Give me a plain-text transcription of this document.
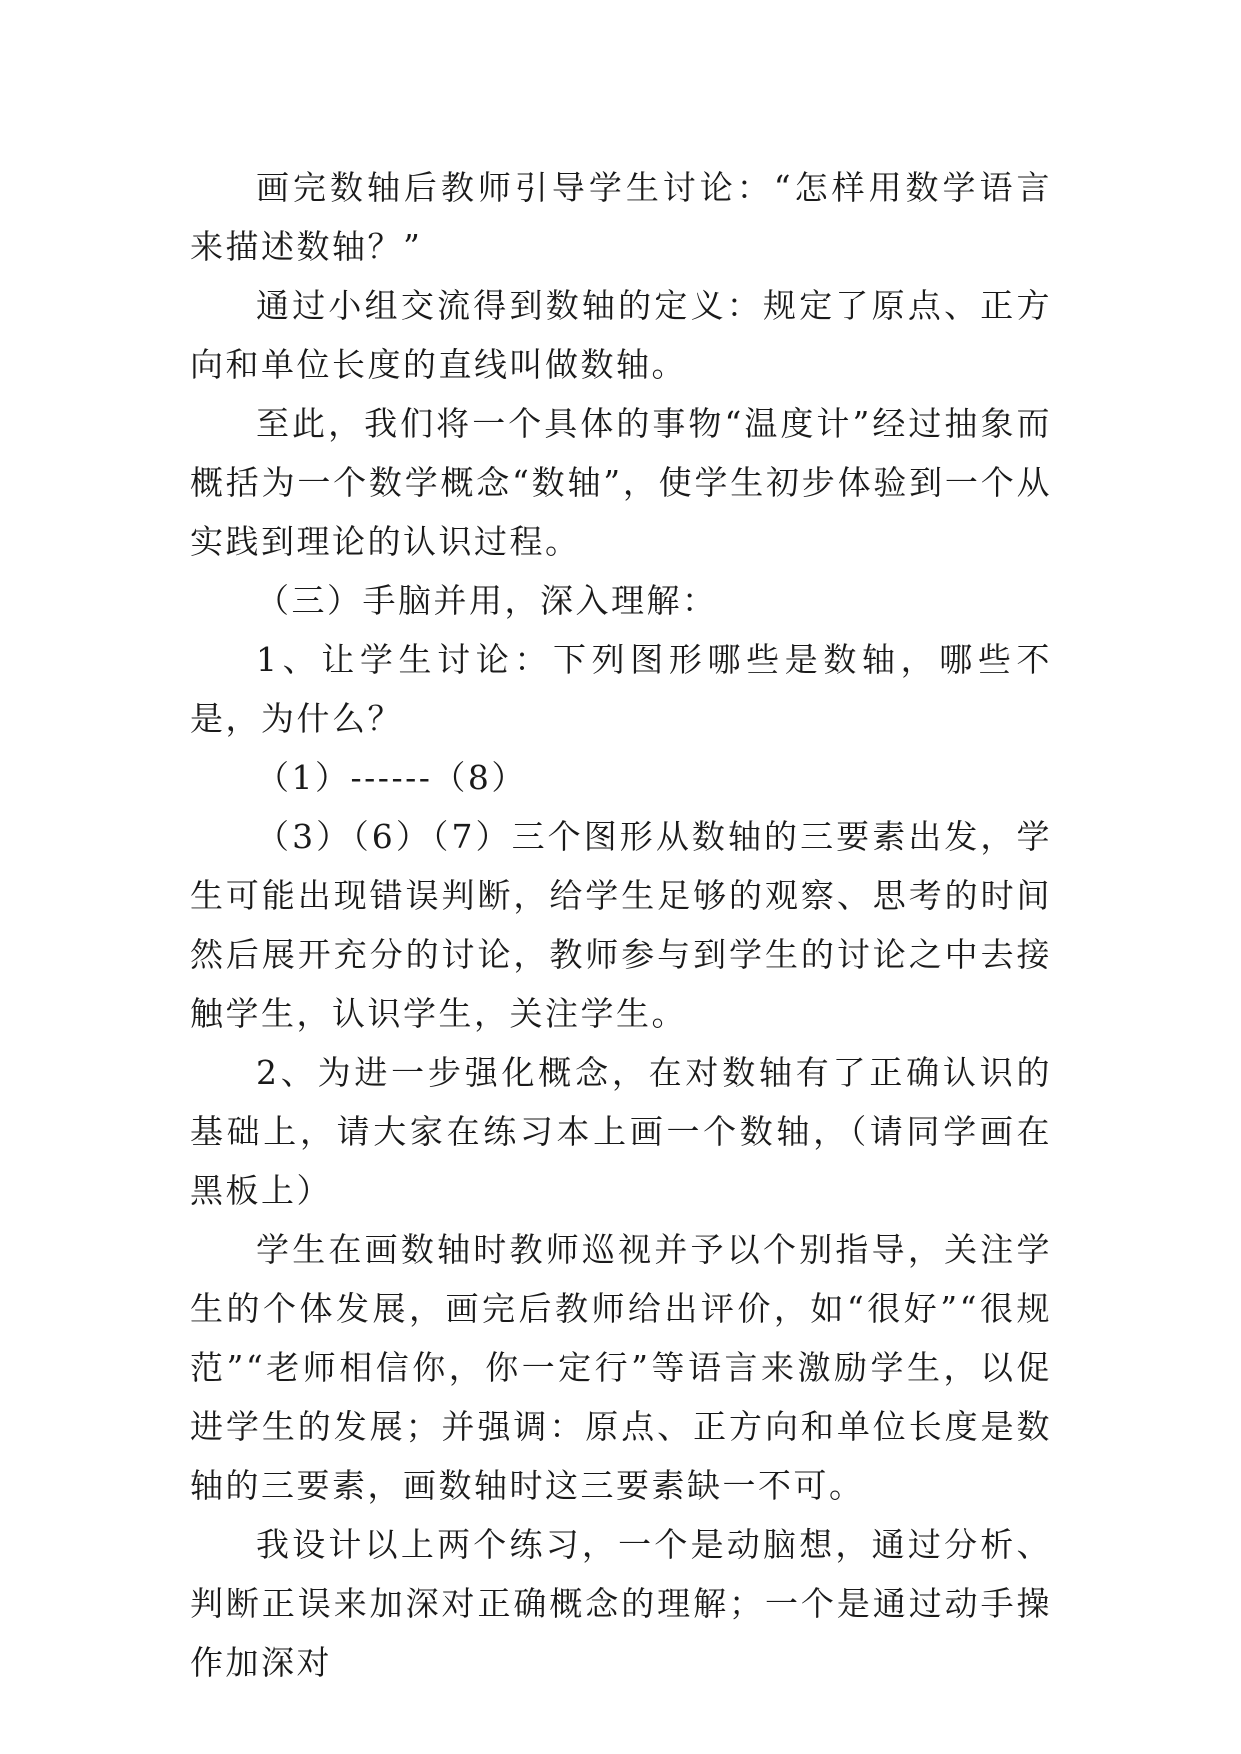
画完数轴后教师引导学生讨论：“怎样用数学语言来描述数轴？”

通过小组交流得到数轴的定义：规定了原点、正方向和单位长度的直线叫做数轴。

至此，我们将一个具体的事物“温度计”经过抽象而概括为一个数学概念“数轴”，使学生初步体验到一个从实践到理论的认识过程。

（三）手脑并用，深入理解：

1、让学生讨论：下列图形哪些是数轴，哪些不是，为什么？

（1）------（8）

（3）（6）（7）三个图形从数轴的三要素出发，学生可能出现错误判断，给学生足够的观察、思考的时间然后展开充分的讨论，教师参与到学生的讨论之中去接触学生，认识学生，关注学生。

2、为进一步强化概念，在对数轴有了正确认识的基础上，请大家在练习本上画一个数轴，（请同学画在黑板上）

学生在画数轴时教师巡视并予以个别指导，关注学生的个体发展，画完后教师给出评价，如“很好”“很规范”“老师相信你，你一定行”等语言来激励学生，以促进学生的发展；并强调：原点、正方向和单位长度是数轴的三要素，画数轴时这三要素缺一不可。

我设计以上两个练习，一个是动脑想，通过分析、判断正误来加深对正确概念的理解；一个是通过动手操作加深对
